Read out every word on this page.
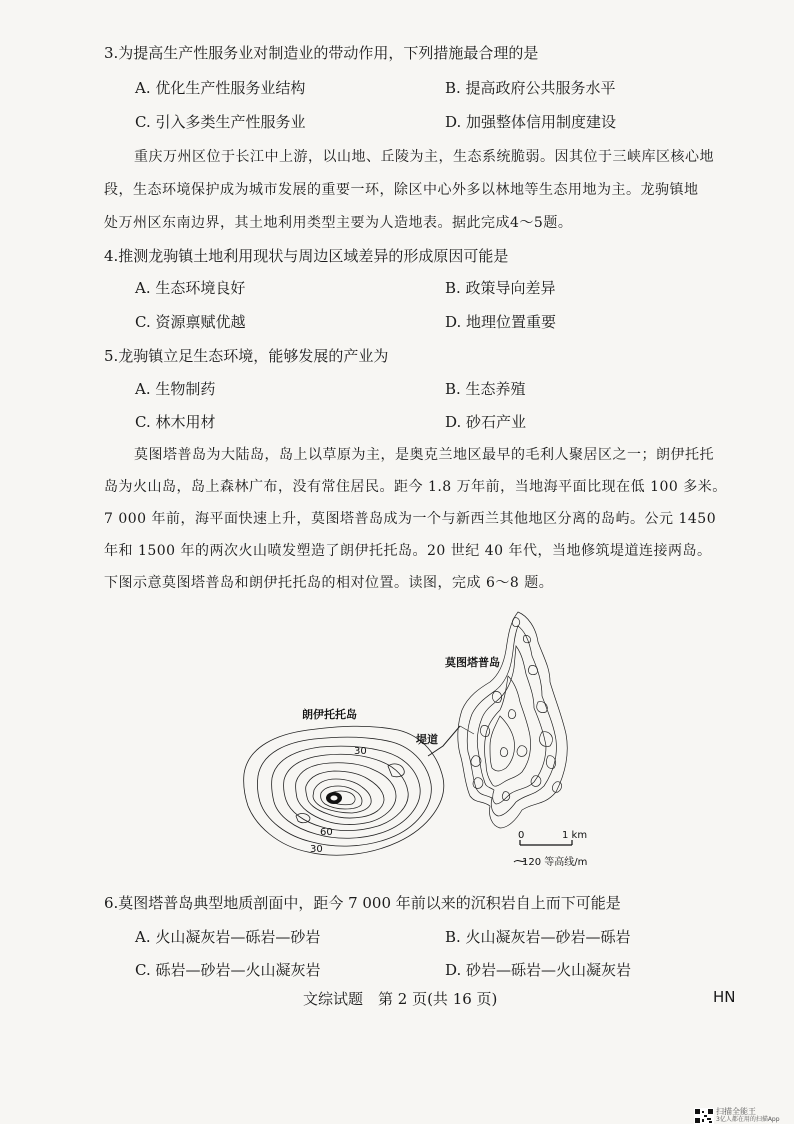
3.为提高生产性服务业对制造业的带动作用，下列措施最合理的是
A. 优化生产性服务业结构	B. 提高政府公共服务水平
C. 引入多类生产性服务业	D. 加强整体信用制度建设
重庆万州区位于长江中上游，以山地、丘陵为主，生态系统脆弱。因其位于三峡库区核心地
段，生态环境保护成为城市发展的重要一环，除区中心外多以林地等生态用地为主。龙驹镇地
处万州区东南边界，其土地利用类型主要为人造地表。据此完成4～5题。
4.推测龙驹镇土地利用现状与周边区域差异的形成原因可能是
A. 生态环境良好	B. 政策导向差异
C. 资源禀赋优越	D. 地理位置重要
5.龙驹镇立足生态环境，能够发展的产业为
A. 生物制药	B. 生态养殖
C. 林木用材	D. 砂石产业
莫图塔普岛为大陆岛，岛上以草原为主，是奥克兰地区最早的毛利人聚居区之一；朗伊托托
岛为火山岛，岛上森林广布，没有常住居民。距今 1.8 万年前，当地海平面比现在低 100 多米。
7 000 年前，海平面快速上升，莫图塔普岛成为一个与新西兰其他地区分离的岛屿。公元 1450
年和 1500 年的两次火山喷发塑造了朗伊托托岛。20 世纪 40 年代，当地修筑堤道连接两岛。
下图示意莫图塔普岛和朗伊托托岛的相对位置。读图，完成 6～8 题。
30
60
30
堤道
莫图塔普岛
朗伊托托岛
0	1 km
120 等高线/m
6.莫图塔普岛典型地质剖面中，距今 7 000 年前以来的沉积岩自上而下可能是
A. 火山凝灰岩—砾岩—砂岩	B. 火山凝灰岩—砂岩—砾岩
C. 砾岩—砂岩—火山凝灰岩	D. 砂岩—砾岩—火山凝灰岩
文综试题　第 2 页(共 16 页)	HN
扫描全能王
3亿人都在用的扫描App
